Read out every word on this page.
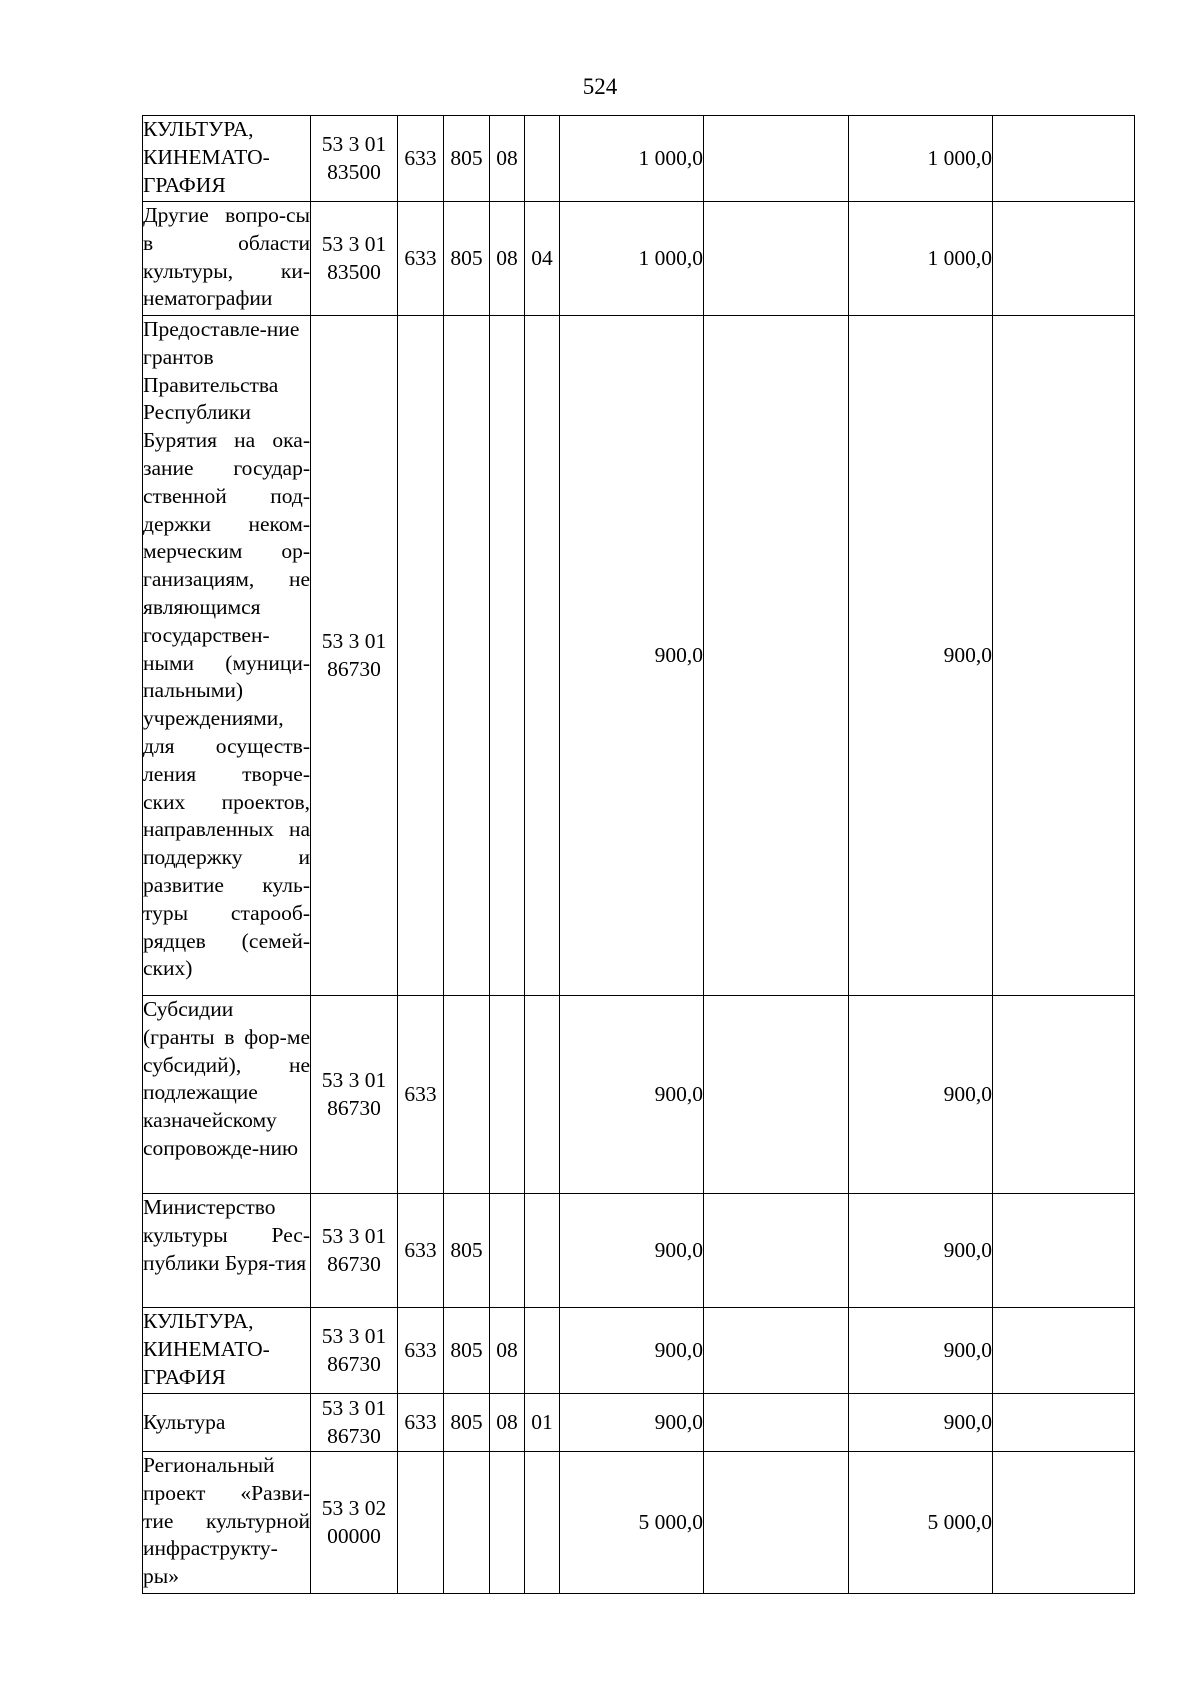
524
КУЛЬТУРА, КИНЕМАТО-ГРАФИЯ	53 3 01 83500	633	805	08		1 000,0		1 000,0	
Другие вопро-сы в области культуры, ки-нематографии	53 3 01 83500	633	805	08	04	1 000,0		1 000,0	
Предоставле-ние грантов Правительства Республики Бурятия на ока-зание государ-ственной под-держки неком-мерческим ор-ганизациям, не являющимся государствен-ными (муници-пальными) учреждениями, для осуществ-ления творче-ских проектов, направленных на поддержку и развитие куль-туры старооб-рядцев (семей-ских)	53 3 01 86730					900,0		900,0	
Субсидии (гранты в фор-ме субсидий), не подлежащие казначейскому сопровожде-нию	53 3 01 86730	633				900,0		900,0	
Министерство культуры Рес-публики Буря-тия	53 3 01 86730	633	805			900,0		900,0	
КУЛЬТУРА, КИНЕМАТО-ГРАФИЯ	53 3 01 86730	633	805	08		900,0		900,0	
Культура	53 3 01 86730	633	805	08	01	900,0		900,0	
Региональный проект «Разви-тие культурной инфраструкту-ры»	53 3 02 00000					5 000,0		5 000,0	
